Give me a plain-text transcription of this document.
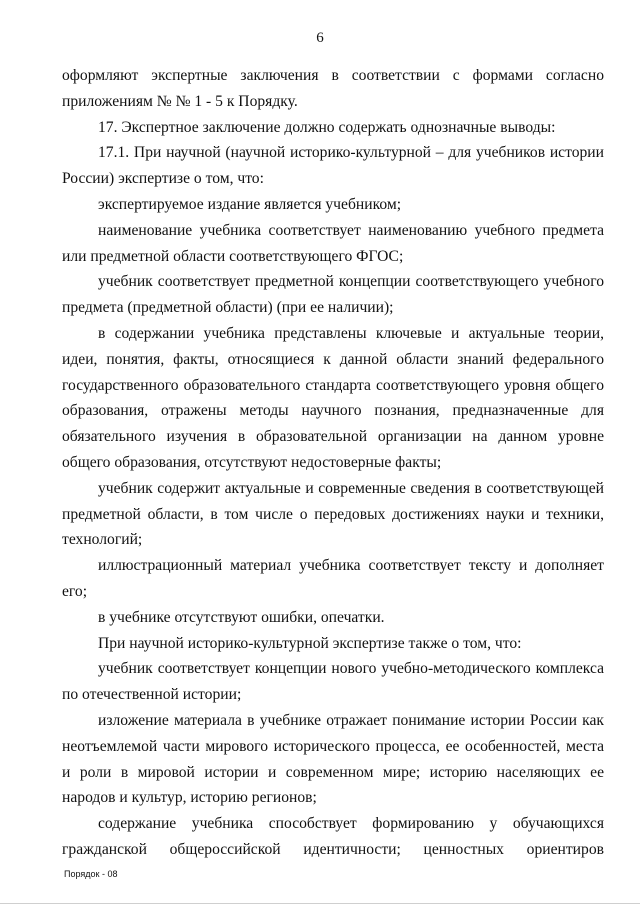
6

оформляют экспертные заключения в соответствии с формами согласно приложениям № № 1 - 5 к Порядку.

17. Экспертное заключение должно содержать однозначные выводы:

17.1. При научной (научной историко-культурной – для учебников истории России) экспертизе о том, что:

экспертируемое издание является учебником;

наименование учебника соответствует наименованию учебного предмета или предметной области соответствующего ФГОС;

учебник соответствует предметной концепции соответствующего учебного предмета (предметной области) (при ее наличии);

в содержании учебника представлены ключевые и актуальные теории, идеи, понятия, факты, относящиеся к данной области знаний федерального государственного образовательного стандарта соответствующего уровня общего образования, отражены методы научного познания, предназначенные для обязательного изучения в образовательной организации на данном уровне общего образования, отсутствуют недостоверные факты;

учебник содержит актуальные и современные сведения в соответствующей предметной области, в том числе о передовых достижениях науки и техники, технологий;

иллюстрационный материал учебника соответствует тексту и дополняет его;

в учебнике отсутствуют ошибки, опечатки.

При научной историко-культурной экспертизе также о том, что:

учебник соответствует концепции нового учебно-методического комплекса по отечественной истории;

изложение материала в учебнике отражает понимание истории России как неотъемлемой части мирового исторического процесса, ее особенностей, места и роли в мировой истории и современном мире; историю населяющих ее народов и культур, историю регионов;

содержание учебника способствует формированию у обучающихся гражданской общероссийской идентичности; ценностных ориентиров

Порядок - 08
